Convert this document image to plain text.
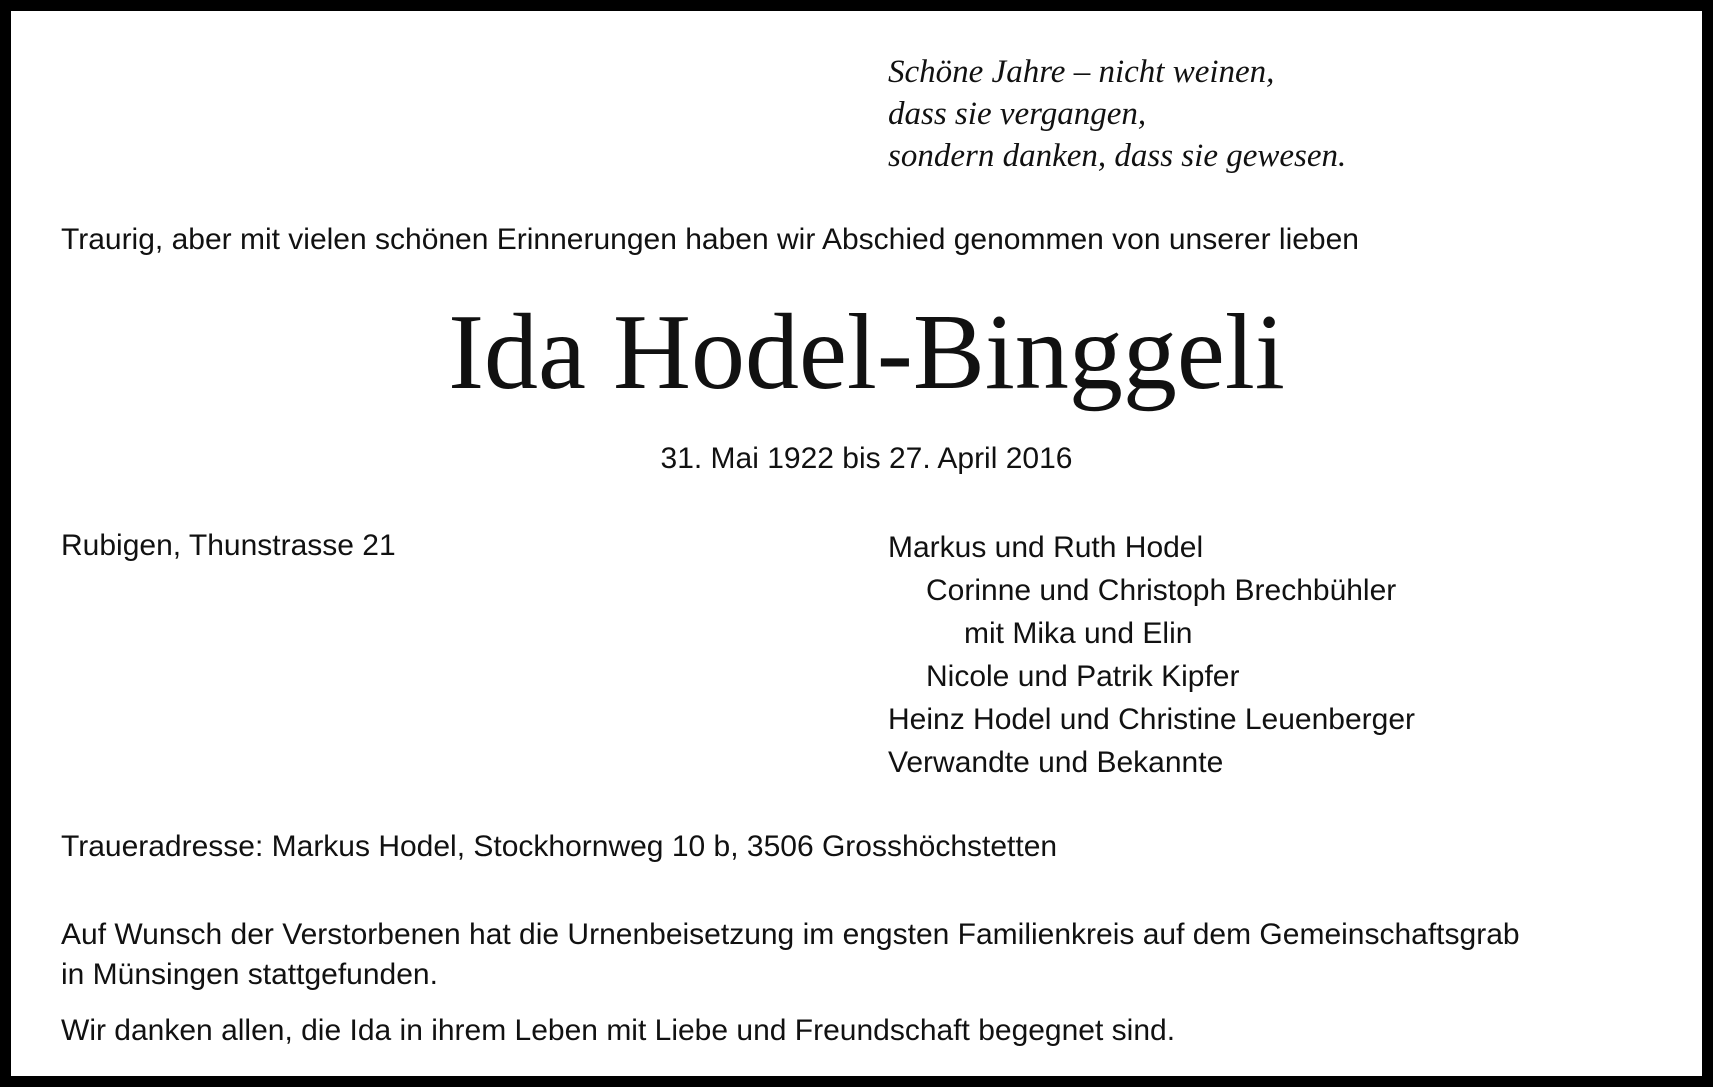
Schöne Jahre – nicht weinen,
dass sie vergangen,
sondern danken, dass sie gewesen.
Traurig, aber mit vielen schönen Erinnerungen haben wir Abschied genommen von unserer lieben
Ida Hodel-Binggeli
31. Mai 1922 bis 27. April 2016
Rubigen, Thunstrasse 21	Markus und Ruth Hodel
Corinne und Christoph Brechbühler
mit Mika und Elin
Nicole und Patrik Kipfer
Heinz Hodel und Christine Leuenberger
Verwandte und Bekannte
Traueradresse: Markus Hodel, Stockhornweg 10 b, 3506 Grosshöchstetten
Auf Wunsch der Verstorbenen hat die Urnenbeisetzung im engsten Familienkreis auf dem Gemeinschaftsgrab
in Münsingen stattgefunden.
Wir danken allen, die Ida in ihrem Leben mit Liebe und Freundschaft begegnet sind.
